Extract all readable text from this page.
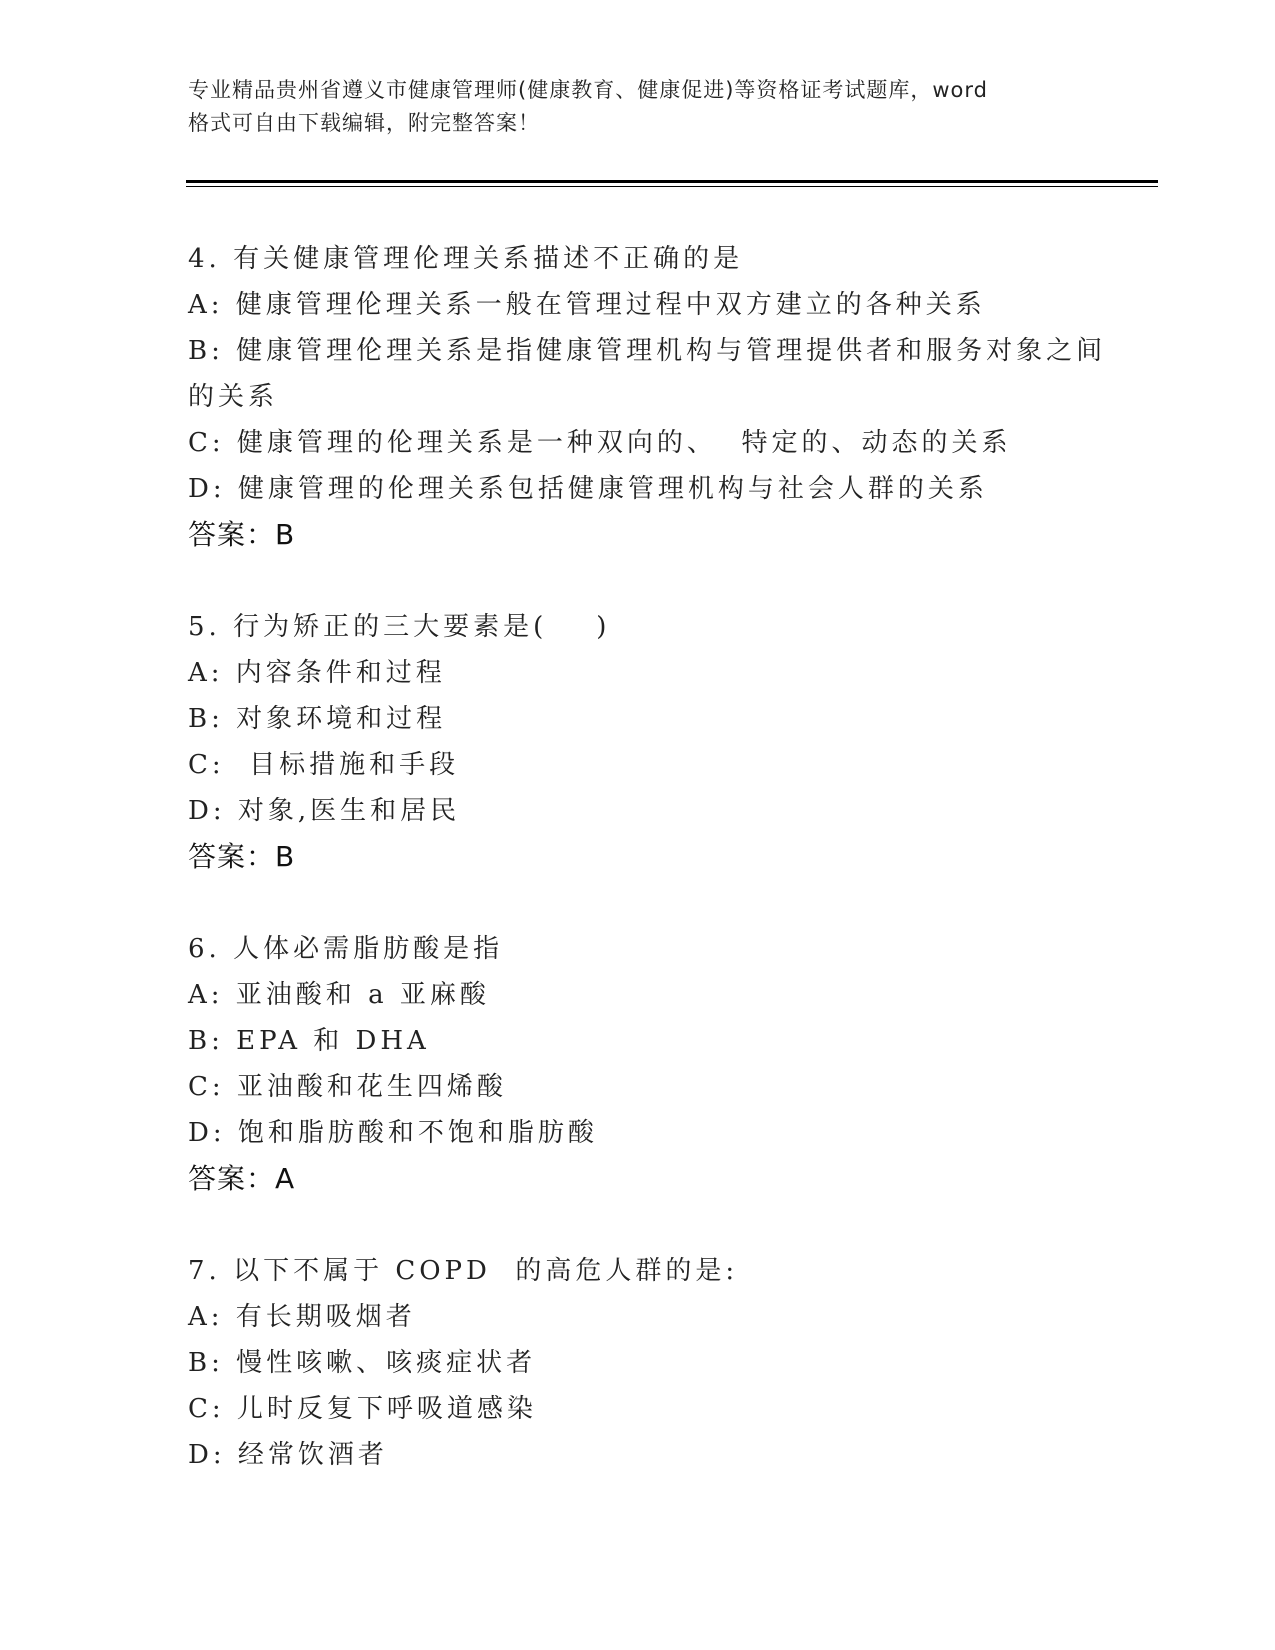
专业精品贵州省遵义市健康管理师(健康教育、健康促进)等资格证考试题库，word
格式可自由下载编辑，附完整答案！
4. 有关健康管理伦理关系描述不正确的是
A: 健康管理伦理关系一般在管理过程中双方建立的各种关系
B: 健康管理伦理关系是指健康管理机构与管理提供者和服务对象之间的关系
C: 健康管理的伦理关系是一种双向的、  特定的、动态的关系
D: 健康管理的伦理关系包括健康管理机构与社会人群的关系
答案：B
5. 行为矫正的三大要素是(    )
A: 内容条件和过程
B: 对象环境和过程
C:  目标措施和手段
D: 对象,医生和居民
答案：B
6. 人体必需脂肪酸是指
A: 亚油酸和 a 亚麻酸
B: EPA 和 DHA
C: 亚油酸和花生四烯酸
D: 饱和脂肪酸和不饱和脂肪酸
答案：A
7. 以下不属于 COPD  的高危人群的是:
A: 有长期吸烟者
B: 慢性咳嗽、咳痰症状者
C: 儿时反复下呼吸道感染
D: 经常饮酒者
